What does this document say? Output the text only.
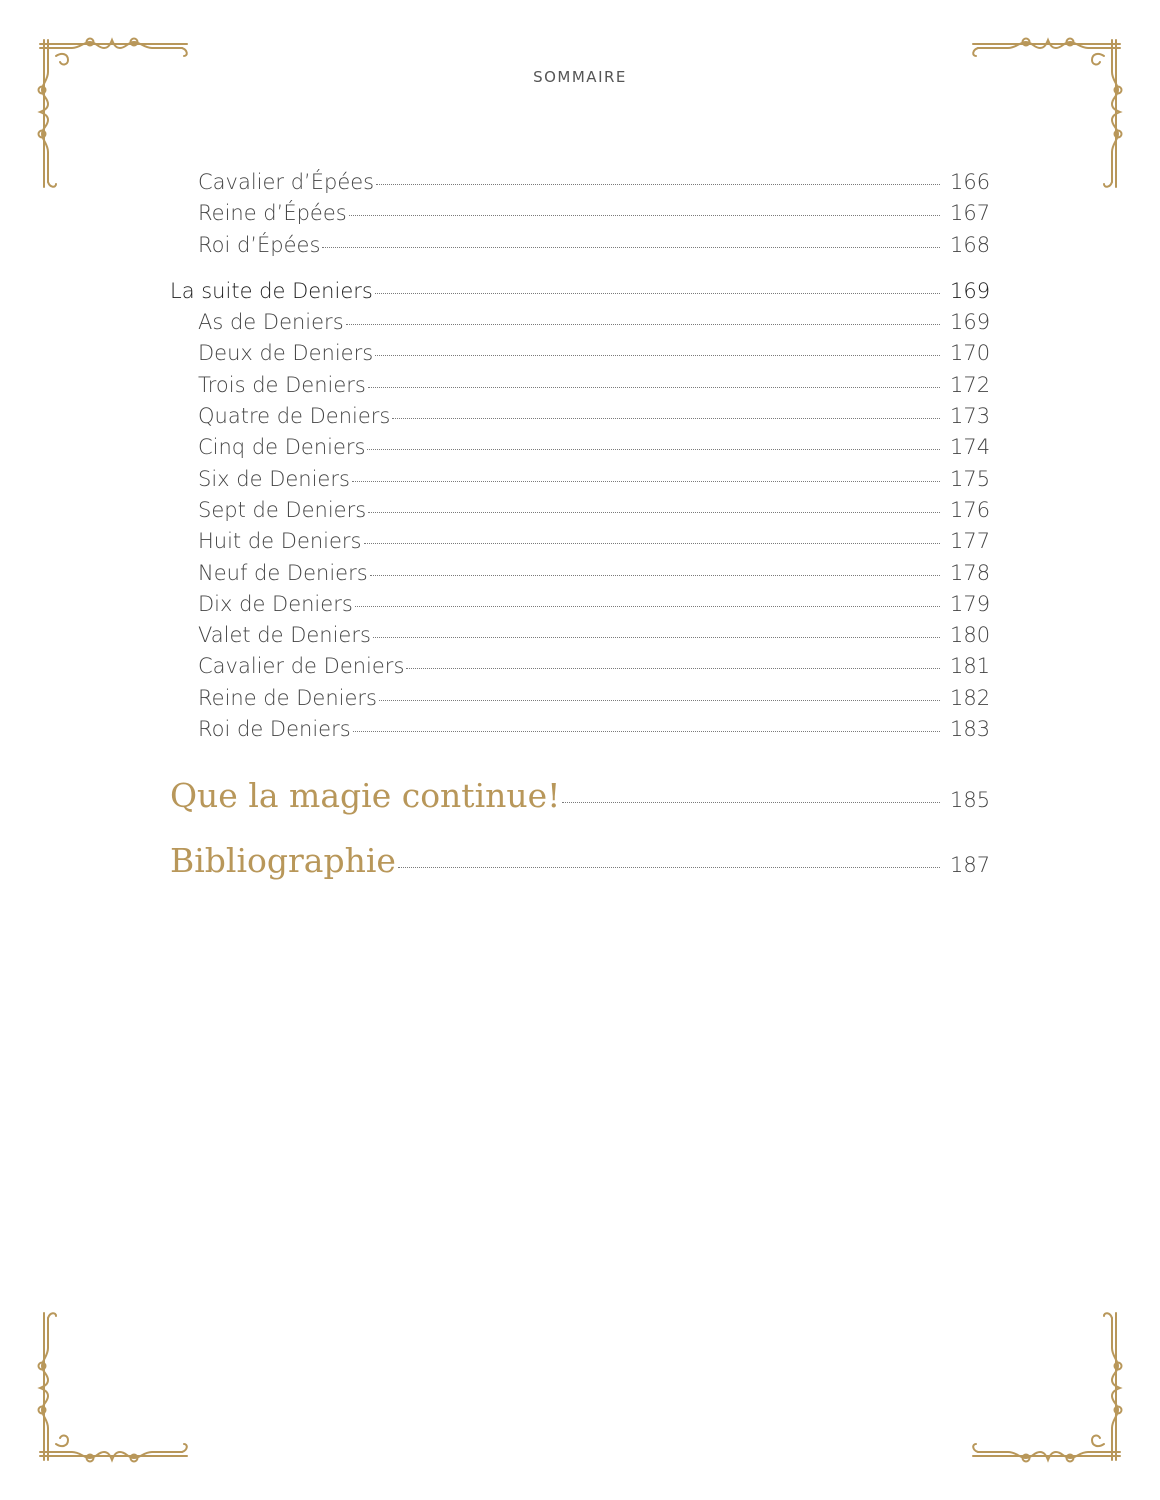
SOMMAIRE
Cavalier d’Épées	166
Reine d’Épées	167
Roi d’Épées	168
La suite de Deniers	169
As de Deniers	169
Deux de Deniers	170
Trois de Deniers	172
Quatre de Deniers	173
Cinq de Deniers	174
Six de Deniers	175
Sept de Deniers	176
Huit de Deniers	177
Neuf de Deniers	178
Dix de Deniers	179
Valet de Deniers	180
Cavalier de Deniers	181
Reine de Deniers	182
Roi de Deniers	183
Que la magie continue!	185
Bibliographie	187
